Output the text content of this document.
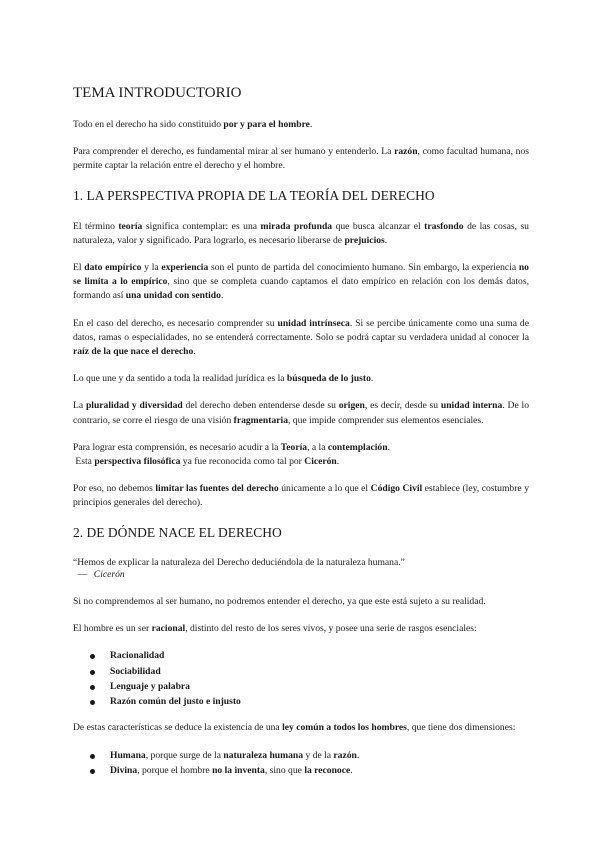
TEMA INTRODUCTORIO

Todo en el derecho ha sido constituido por y para el hombre.

Para comprender el derecho, es fundamental mirar al ser humano y entenderlo. La razón, como facultad humana, nos permite captar la relación entre el derecho y el hombre.

1. LA PERSPECTIVA PROPIA DE LA TEORÍA DEL DERECHO

El término teoría significa contemplar: es una mirada profunda que busca alcanzar el trasfondo de las cosas, su naturaleza, valor y significado. Para lograrlo, es necesario liberarse de prejuicios.

El dato empírico y la experiencia son el punto de partida del conocimiento humano. Sin embargo, la experiencia no se limita a lo empírico, sino que se completa cuando captamos el dato empírico en relación con los demás datos, formando así una unidad con sentido.

En el caso del derecho, es necesario comprender su unidad intrínseca. Si se percibe únicamente como una suma de datos, ramas o especialidades, no se entenderá correctamente. Solo se podrá captar su verdadera unidad al conocer la raíz de la que nace el derecho.

Lo que une y da sentido a toda la realidad jurídica es la búsqueda de lo justo.

La pluralidad y diversidad del derecho deben entenderse desde su origen, es decir, desde su unidad interna. De lo contrario, se corre el riesgo de una visión fragmentaria, que impide comprender sus elementos esenciales.

Para lograr esta comprensión, es necesario acudir a la Teoría, a la contemplación.
Esta perspectiva filosófica ya fue reconocida como tal por Cicerón.

Por eso, no debemos limitar las fuentes del derecho únicamente a lo que el Código Civil establece (ley, costumbre y principios generales del derecho).

2. DE DÓNDE NACE EL DERECHO
“Hemos de explicar la naturaleza del Derecho deduciéndola de la naturaleza humana.”
— Cicerón

Si no comprendemos al ser humano, no podremos entender el derecho, ya que este está sujeto a su realidad.

El hombre es un ser racional, distinto del resto de los seres vivos, y posee una serie de rasgos esenciales:

Racionalidad
Sociabilidad
Lenguaje y palabra
Razón común del justo e injusto

De estas características se deduce la existencia de una ley común a todos los hombres, que tiene dos dimensiones:

Humana, porque surge de la naturaleza humana y de la razón.
Divina, porque el hombre no la inventa, sino que la reconoce.
